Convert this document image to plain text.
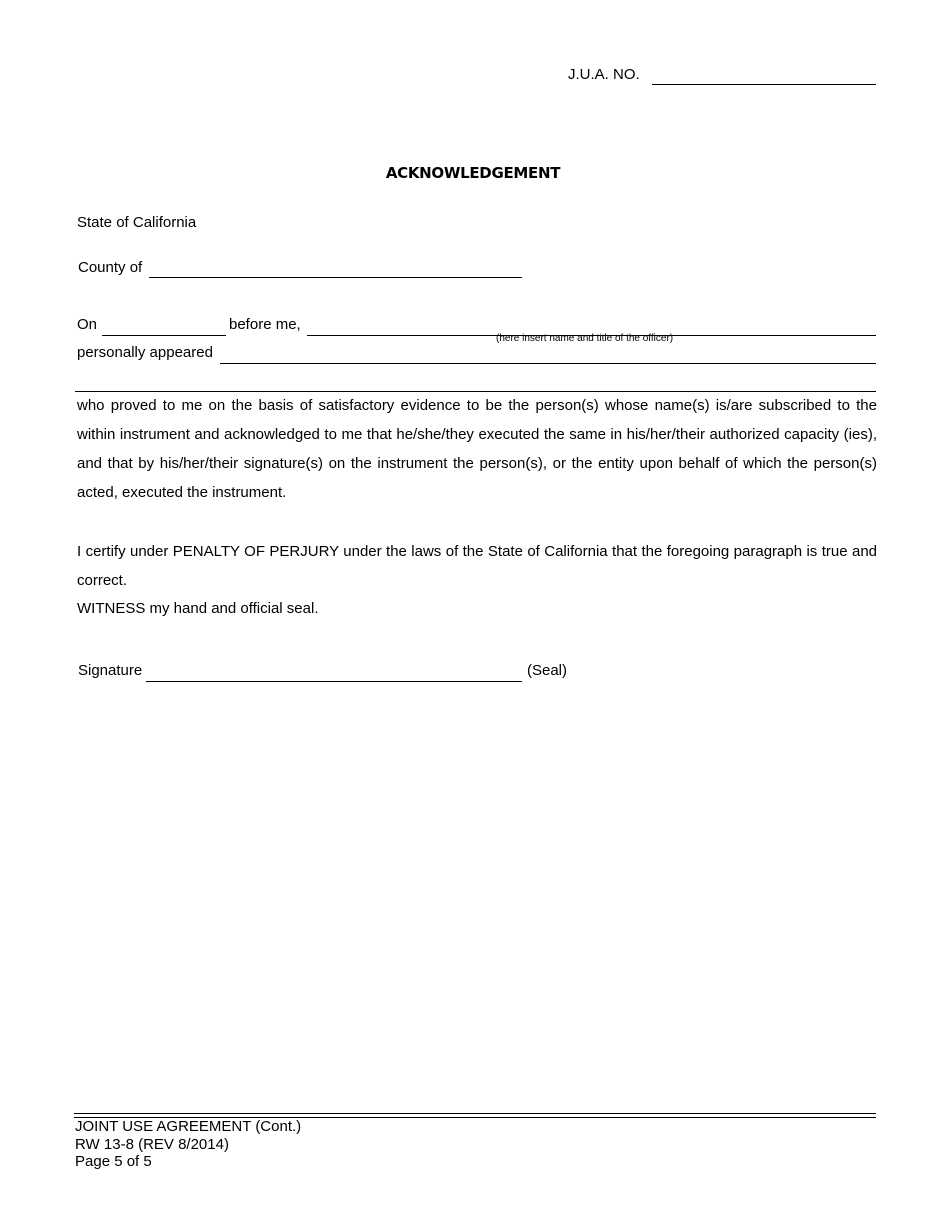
J.U.A. NO.
ACKNOWLEDGEMENT
State of California
County of
On	before me,
(here insert name and title of the officer)
personally appeared
who proved to me on the basis of satisfactory evidence to be the person(s) whose name(s) is/are subscribed to the within instrument and acknowledged to me that he/she/they executed the same in his/her/their authorized capacity (ies), and that by his/her/their signature(s) on the instrument the person(s), or the entity upon behalf of which the person(s) acted, executed the instrument.
I certify under PENALTY OF PERJURY under the laws of the State of California that the foregoing paragraph is true and correct.
WITNESS my hand and official seal.
Signature	(Seal)
JOINT USE AGREEMENT (Cont.)
RW 13-8 (REV 8/2014)
Page 5 of 5
